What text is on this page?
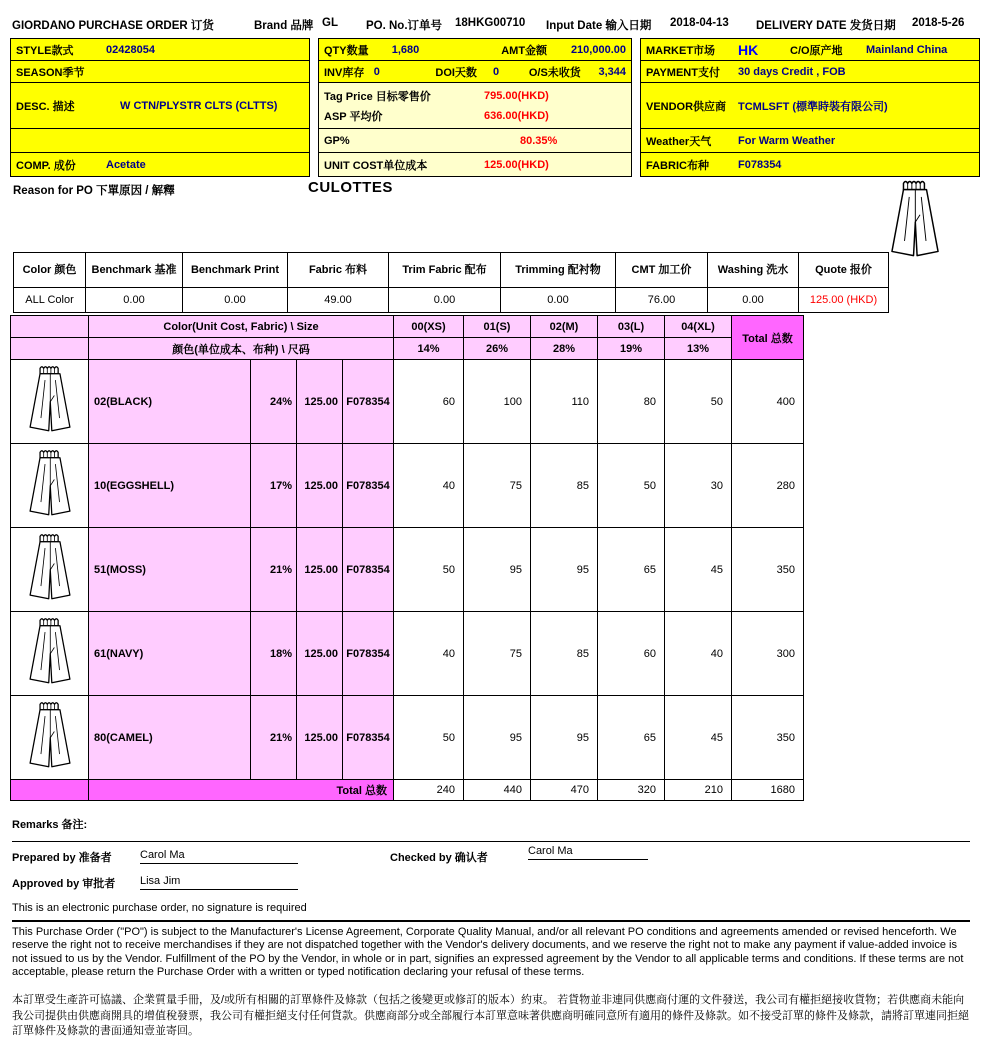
GIORDANO PURCHASE ORDER 订货	Brand 品牌 GL PO. No.订单号 18HKG00710 Input Date 输入日期 2018-04-13 DELIVERY DATE 发货日期 2018-5-26
STYLE款式	02428054
SEASON季节
DESC. 描述	W CTN/PLYSTR CLTS (CLTTS)
COMP. 成份	Acetate
QTY数量	1,680	AMT金额	210,000.00
INV库存 0	DOI天数	0	O/S未收货	3,344
Tag Price 目标零售价	795.00(HKD)
ASP 平均价	636.00(HKD)
GP%	80.35%
UNIT COST单位成本	125.00(HKD)
MARKET市场	HK	C/O原产地	Mainland China
PAYMENT支付	30 days Credit , FOB
VENDOR供应商	TCMLSFT (標準時裝有限公司)
Weather天气	For Warm Weather
FABRIC布种	F078354
Reason for PO 下單原因 / 解釋	CULOTTES
Color 颜色	Benchmark 基准	Benchmark Print	Fabric 布料	Trim Fabric 配布	Trimming 配衬物	CMT 加工价	Washing 洗水	Quote 报价
ALL Color	0.00	0.00	49.00	0.00	0.00	76.00	0.00	125.00 (HKD)
	Color(Unit Cost, Fabric) \ Size				00(XS)	01(S)	02(M)	03(L)	04(XL)	Total 总数
	颜色(单位成本、布种) \ 尺码				14%	26%	28%	19%	13%	
	02(BLACK)	24%	125.00	F078354	60	100	110	80	50	400
	10(EGGSHELL)	17%	125.00	F078354	40	75	85	50	30	280
	51(MOSS)	21%	125.00	F078354	50	95	95	65	45	350
	61(NAVY)	18%	125.00	F078354	40	75	85	60	40	300
	80(CAMEL)	21%	125.00	F078354	50	95	95	65	45	350
	Total 总数				240	440	470	320	210	1680
Remarks 备注:
Prepared by 准备者	Carol Ma	Checked by 确认者
Carol Ma
Approved by 审批者 Lisa Jim
This is an electronic purchase order, no signature is required
This Purchase Order ("PO") is subject to the Manufacturer's License Agreement, Corporate Quality Manual, and/or all relevant PO conditions and agreements amended or revised henceforth. We reserve the right not to receive merchandises if they are not dispatched together with the Vendor's delivery documents, and we reserve the right not to make any payment if value-added invoice is not issued to us by the Vendor. Fulfillment of the PO by the Vendor, in whole or in part, signifies an expressed agreement by the Vendor to all applicable terms and conditions. If these terms are not acceptable, please return the Purchase Order with a written or typed notification declaring your refusal of these terms.
本訂單受生產許可協議、企業質量手冊，及/或所有相關的訂單條件及條款（包括之後變更或修訂的版本）約束。 若貨物並非連同供應商付運的文件發送，我公司有權拒絕接收貨物；若供應商未能向我公司提供由供應商開具的增值稅發票，我公司有權拒絕支付任何貨款。供應商部分或全部履行本訂單意味著供應商明確同意所有適用的條件及條款。如不接受訂單的條件及條款，請將訂單連同拒絕訂單條件及條款的書面通知壹並寄回。
